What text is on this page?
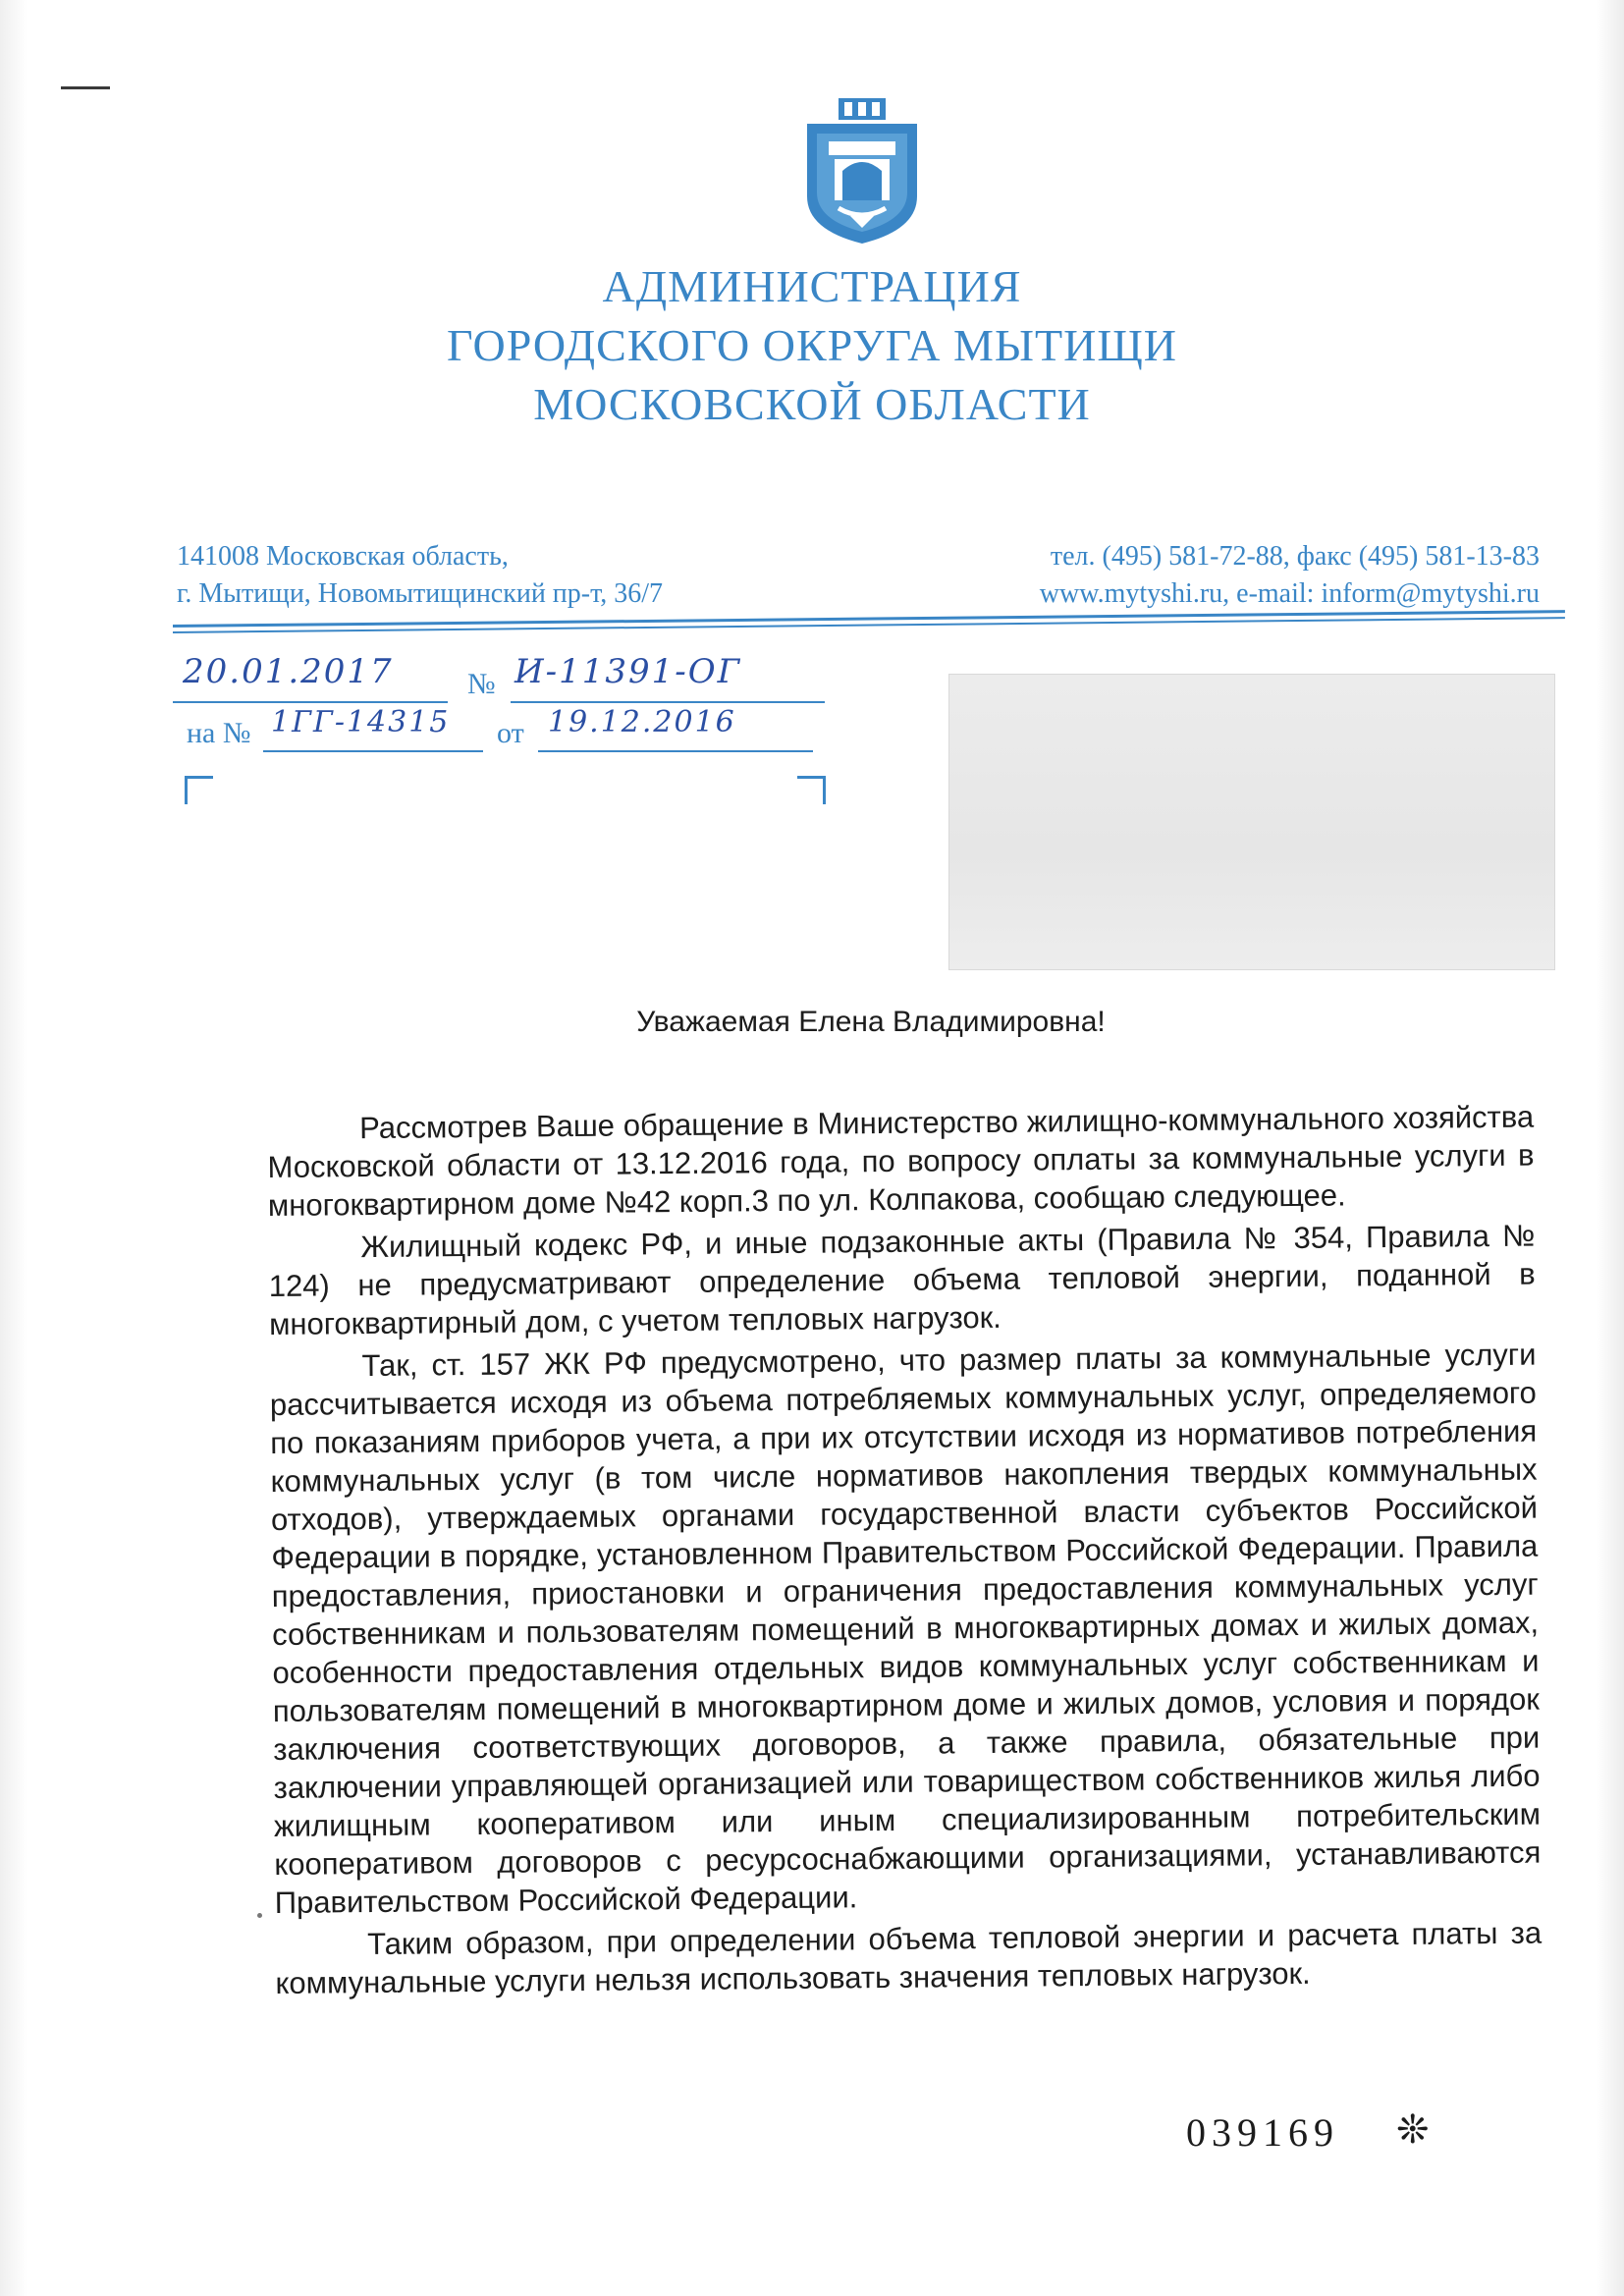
АДМИНИСТРАЦИЯ
ГОРОДСКОГО ОКРУГА МЫТИЩИ
МОСКОВСКОЙ ОБЛАСТИ
141008 Московская область,
г. Мытищи, Новомытищинский пр-т, 36/7
тел. (495) 581-72-88, факс (495) 581-13-83
www.mytyshi.ru, e-mail: inform@mytyshi.ru
20.01.2017	№ И-11391-ОГ
на № 1ГГ-14315 от 19.12.2016
Уважаемая Елена Владимировна!

Рассмотрев Ваше обращение в Министерство жилищно-коммунального хозяйства Московской области от 13.12.2016 года, по вопросу оплаты за коммунальные услуги в многоквартирном доме №42 корп.3 по ул. Колпакова, сообщаю следующее.

Жилищный кодекс РФ, и иные подзаконные акты (Правила № 354, Правила № 124) не предусматривают определение объема тепловой энергии, поданной в многоквартирный дом, с учетом тепловых нагрузок.

Так, ст. 157 ЖК РФ предусмотрено, что размер платы за коммунальные услуги рассчитывается исходя из объема потребляемых коммунальных услуг, определяемого по показаниям приборов учета, а при их отсутствии исходя из нормативов потребления коммунальных услуг (в том числе нормативов накопления твердых коммунальных отходов), утверждаемых органами государственной власти субъектов Российской Федерации в порядке, установленном Правительством Российской Федерации. Правила предоставления, приостановки и ограничения предоставления коммунальных услуг собственникам и пользователям помещений в многоквартирных домах и жилых домах, особенности предоставления отдельных видов коммунальных услуг собственникам и пользователям помещений в многоквартирном доме и жилых домов, условия и порядок заключения соответствующих договоров, а также правила, обязательные при заключении управляющей организацией или товариществом собственников жилья либо жилищным кооперативом или иным специализированным потребительским кооперативом договоров с ресурсоснабжающими организациями, устанавливаются Правительством Российской Федерации.

Таким образом, при определении объема тепловой энергии и расчета платы за коммунальные услуги нельзя использовать значения тепловых нагрузок.

039169 ❊
